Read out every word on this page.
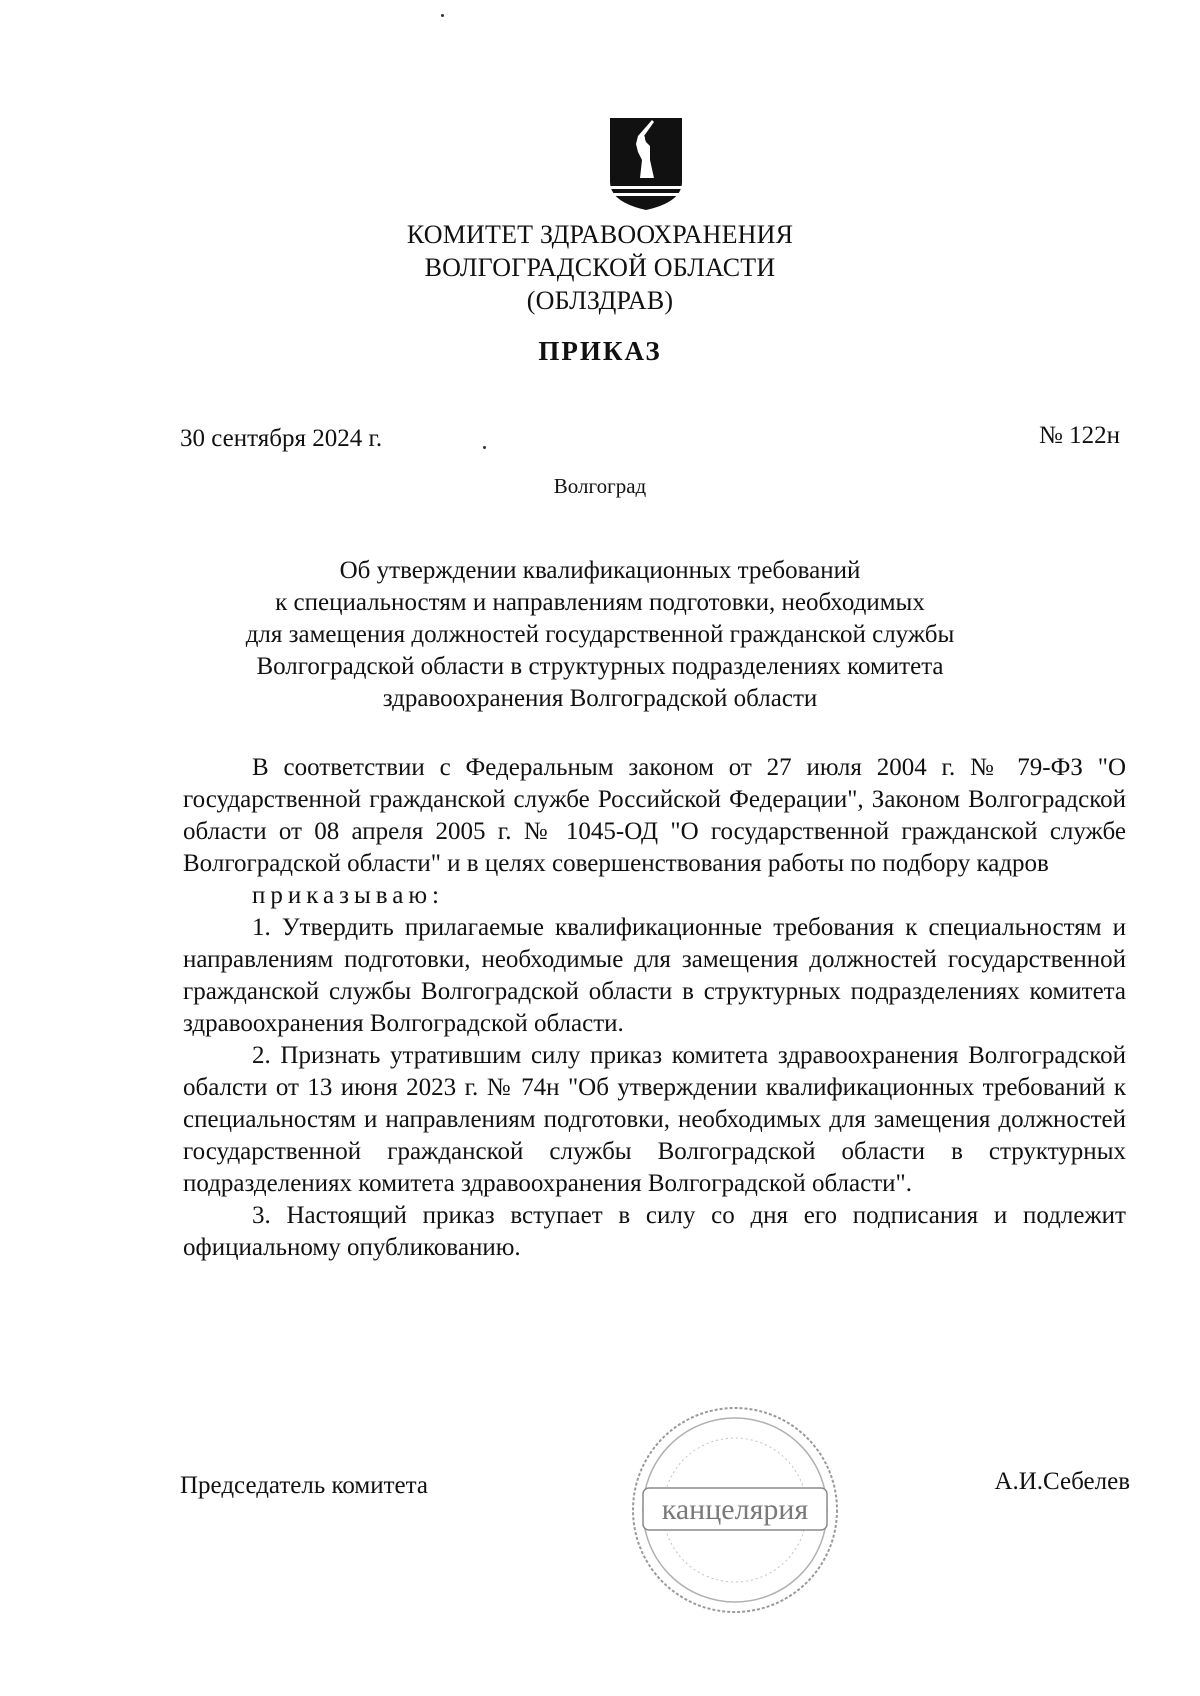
КОМИТЕТ ЗДРАВООХРАНЕНИЯ
ВОЛГОГРАДСКОЙ ОБЛАСТИ
(ОБЛЗДРАВ)
ПРИКАЗ
30 сентября 2024 г.	№ 122н
Волгоград
Об утверждении квалификационных требований
к специальностям и направлениям подготовки, необходимых
для замещения должностей государственной гражданской службы
Волгоградской области в структурных подразделениях комитета
здравоохранения Волгоградской области

В соответствии с Федеральным законом от 27 июля 2004 г. № 79-ФЗ "О государственной гражданской службе Российской Федерации", Законом Волгоградской области от 08 апреля 2005 г. № 1045-ОД "О государственной гражданской службе Волгоградской области" и в целях совершенствования работы по подбору кадров

приказываю:

1. Утвердить прилагаемые квалификационные требования к специальностям и направлениям подготовки, необходимые для замещения должностей государственной гражданской службы Волгоградской области в структурных подразделениях комитета здравоохранения Волгоградской области.

2. Признать утратившим силу приказ комитета здравоохранения Волгоградской обалсти от 13 июня 2023 г. № 74н "Об утверждении квалификационных требований к специальностям и направлениям подготовки, необходимых для замещения должностей государственной гражданской службы Волгоградской области в структурных подразделениях комитета здравоохранения Волгоградской области".

3. Настоящий приказ вступает в силу со дня его подписания и подлежит официальному опубликованию.

Председатель комитета	А.И.Себелев
канцелярия
